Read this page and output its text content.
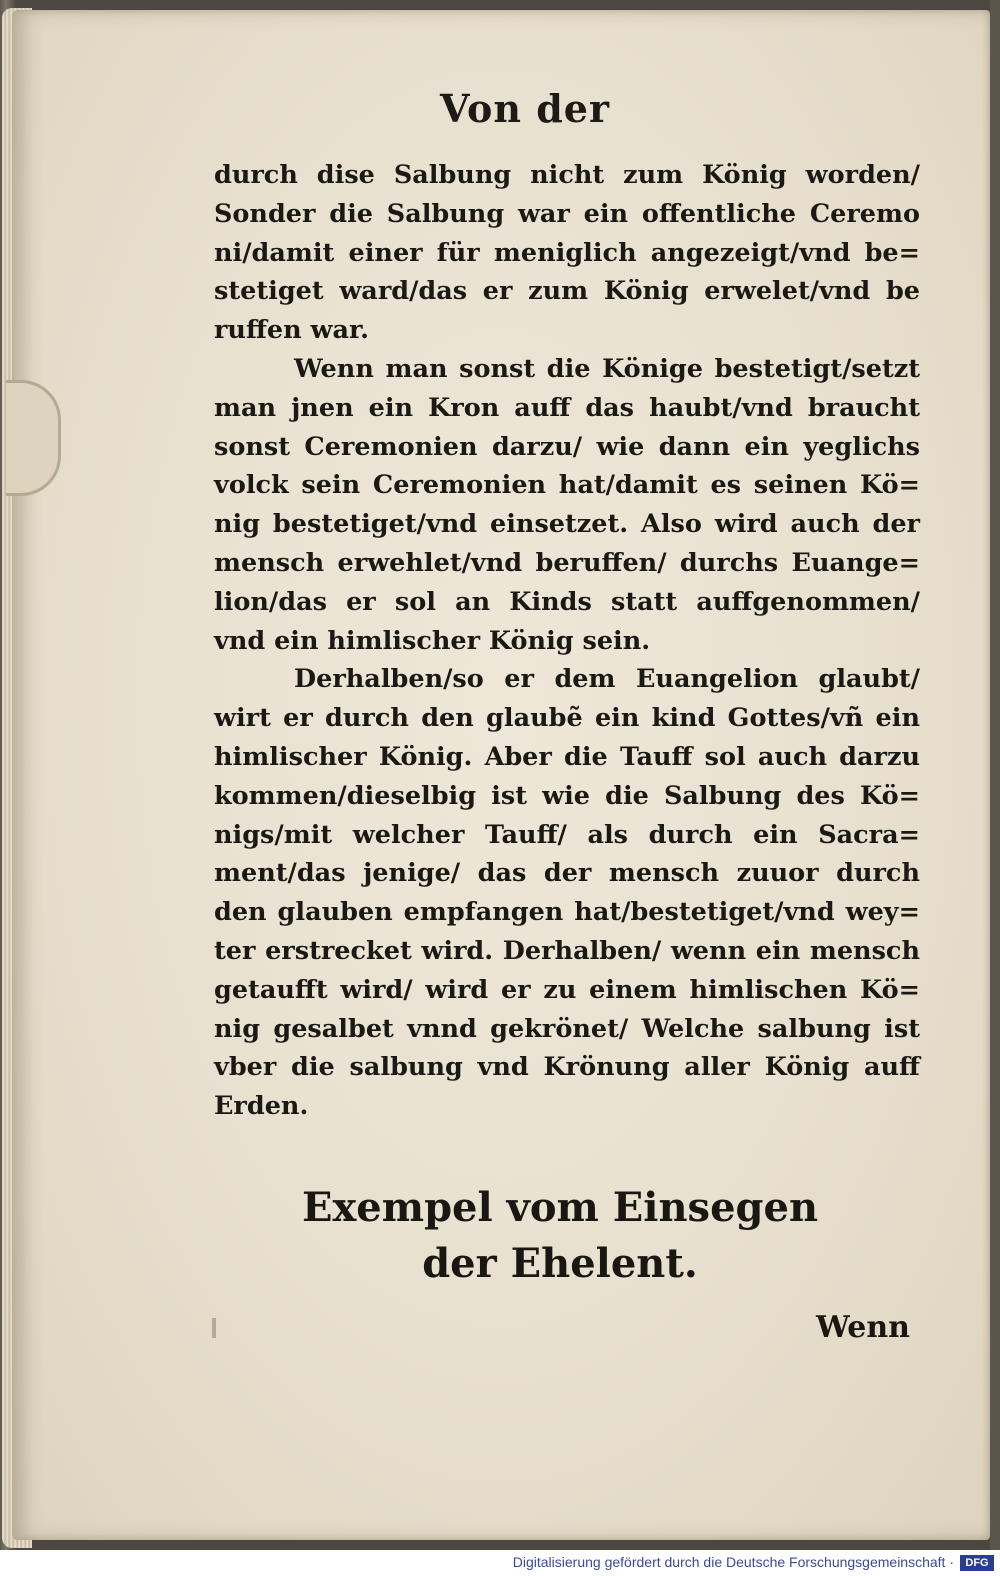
Von der
durch dise Salbung nicht zum König worden/
Sonder die Salbung war ein offentliche Ceremo
ni/damit einer für meniglich angezeigt/vnd be=
stetiget ward/das er zum König erwelet/vnd be
ruffen war.
Wenn man sonst die Könige bestetigt/setzt
man jnen ein Kron auff das haubt/vnd braucht
sonst Ceremonien darzu/ wie dann ein yeglichs
volck sein Ceremonien hat/damit es seinen Kö=
nig bestetiget/vnd einsetzet. Also wird auch der
mensch erwehlet/vnd beruffen/ durchs Euange=
lion/das er sol an Kinds statt auffgenommen/
vnd ein himlischer König sein.
Derhalben/so er dem Euangelion glaubt/
wirt er durch den glaubẽ ein kind Gottes/vñ ein
himlischer König. Aber die Tauff sol auch darzu
kommen/dieselbig ist wie die Salbung des Kö=
nigs/mit welcher Tauff/ als durch ein Sacra=
ment/das jenige/ das der mensch zuuor durch
den glauben empfangen hat/bestetiget/vnd wey=
ter erstrecket wird. Derhalben/ wenn ein mensch
getaufft wird/ wird er zu einem himlischen Kö=
nig gesalbet vnnd gekrönet/ Welche salbung ist
vber die salbung vnd Krönung aller König auff
Erden.
Exempel vom Einsegen
der Ehelent.
Wenn
Digitalisierung gefördert durch die Deutsche Forschungsgemeinschaft ·	DFG
